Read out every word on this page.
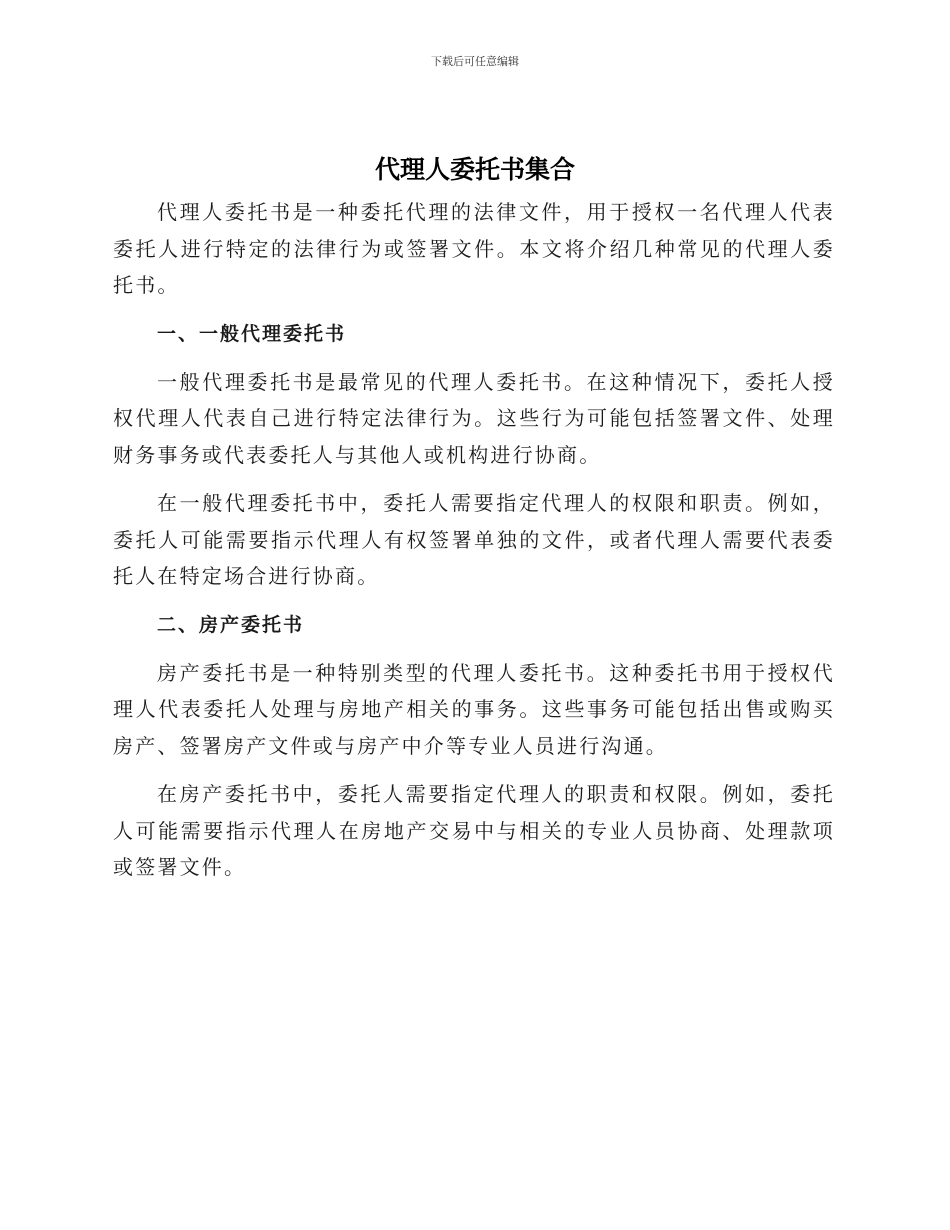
下载后可任意编辑
代理人委托书集合

代理人委托书是一种委托代理的法律文件，用于授权一名代理人代表委托人进行特定的法律行为或签署文件。本文将介绍几种常见的代理人委托书。

一、一般代理委托书

一般代理委托书是最常见的代理人委托书。在这种情况下，委托人授权代理人代表自己进行特定法律行为。这些行为可能包括签署文件、处理财务事务或代表委托人与其他人或机构进行协商。

在一般代理委托书中，委托人需要指定代理人的权限和职责。例如，委托人可能需要指示代理人有权签署单独的文件，或者代理人需要代表委托人在特定场合进行协商。

二、房产委托书

房产委托书是一种特别类型的代理人委托书。这种委托书用于授权代理人代表委托人处理与房地产相关的事务。这些事务可能包括出售或购买房产、签署房产文件或与房产中介等专业人员进行沟通。

在房产委托书中，委托人需要指定代理人的职责和权限。例如，委托人可能需要指示代理人在房地产交易中与相关的专业人员协商、处理款项或签署文件。
